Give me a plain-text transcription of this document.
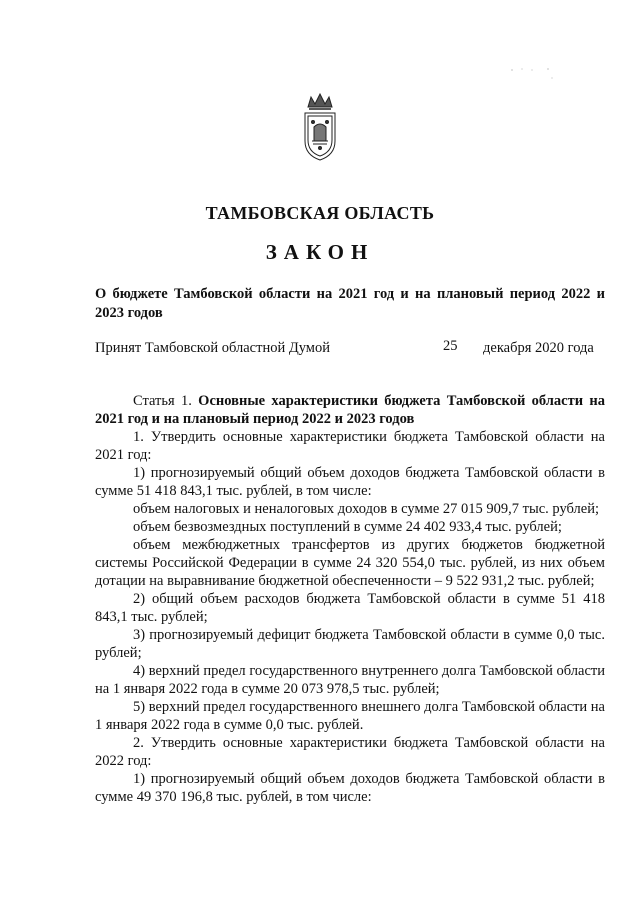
ТАМБОВСКАЯ ОБЛАСТЬ
ЗАКОН
О бюджете Тамбовской области на 2021 год и на плановый период 2022 и 2023 годов
Принят Тамбовской областной Думой	25 декабря 2020 года

Статья 1. Основные характеристики бюджета Тамбовской области на 2021 год и на плановый период 2022 и 2023 годов

1. Утвердить основные характеристики бюджета Тамбовской области на 2021 год:

1) прогнозируемый общий объем доходов бюджета Тамбовской области в сумме 51 418 843,1 тыс. рублей, в том числе:

объем налоговых и неналоговых доходов в сумме 27 015 909,7 тыс. рублей;

объем безвозмездных поступлений в сумме 24 402 933,4 тыс. рублей;

объем межбюджетных трансфертов из других бюджетов бюджетной системы Российской Федерации в сумме 24 320 554,0 тыс. рублей, из них объем дотации на выравнивание бюджетной обеспеченности – 9 522 931,2 тыс. рублей;

2) общий объем расходов бюджета Тамбовской области в сумме 51 418 843,1 тыс. рублей;

3) прогнозируемый дефицит бюджета Тамбовской области в сумме 0,0 тыс. рублей;

4) верхний предел государственного внутреннего долга Тамбовской области на 1 января 2022 года в сумме 20 073 978,5 тыс. рублей;

5) верхний предел государственного внешнего долга Тамбовской области на 1 января 2022 года в сумме 0,0 тыс. рублей.

2. Утвердить основные характеристики бюджета Тамбовской области на 2022 год:

1) прогнозируемый общий объем доходов бюджета Тамбовской области в сумме 49 370 196,8 тыс. рублей, в том числе:
